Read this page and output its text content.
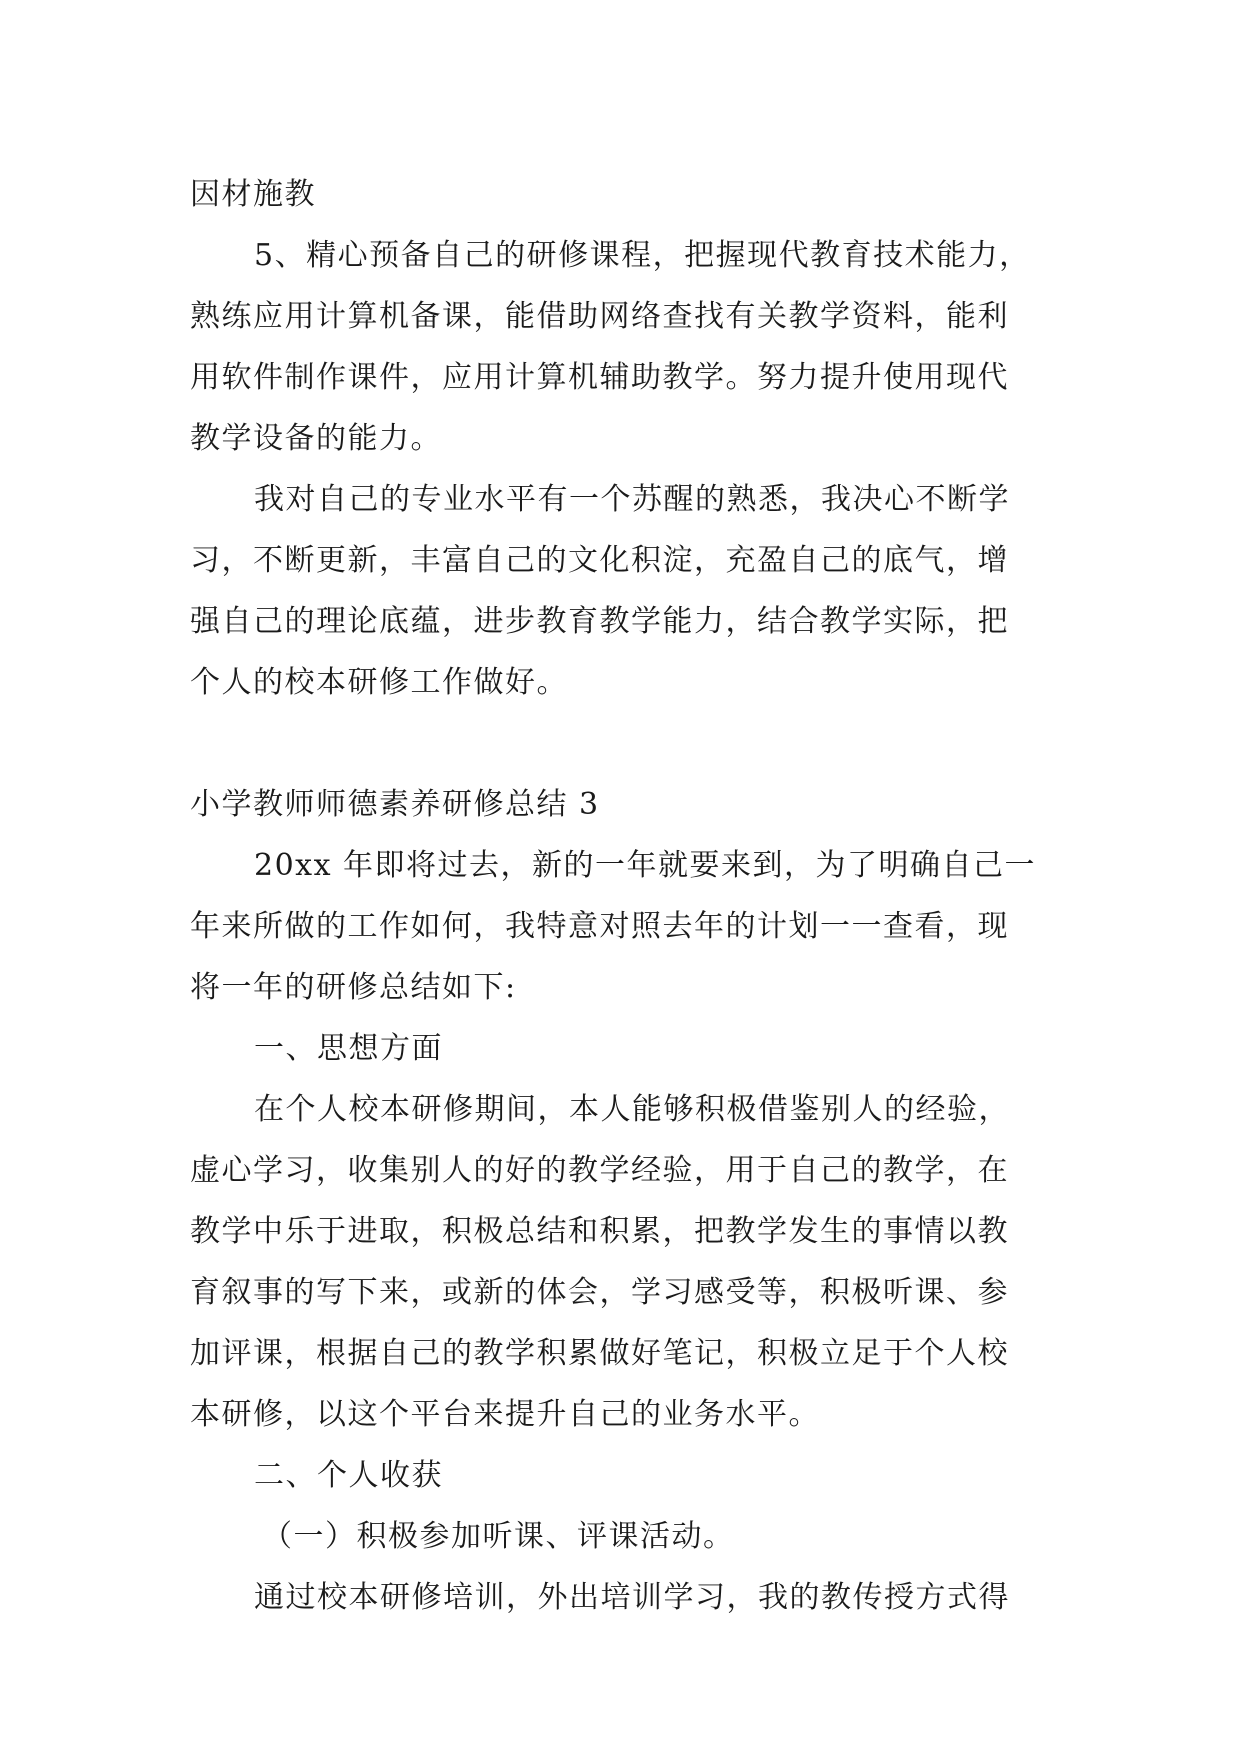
因材施教
5、精心预备自己的研修课程，把握现代教育技术能力，
熟练应用计算机备课，能借助网络查找有关教学资料，能利
用软件制作课件，应用计算机辅助教学。努力提升使用现代
教学设备的能力。
我对自己的专业水平有一个苏醒的熟悉，我决心不断学
习，不断更新，丰富自己的文化积淀，充盈自己的底气，增
强自己的理论底蕴，进步教育教学能力，结合教学实际，把
个人的校本研修工作做好。
小学教师师德素养研修总结 3
20xx 年即将过去，新的一年就要来到，为了明确自己一
年来所做的工作如何，我特意对照去年的计划一一查看，现
将一年的研修总结如下:
一、思想方面
在个人校本研修期间，本人能够积极借鉴别人的经验，
虚心学习，收集别人的好的教学经验，用于自己的教学，在
教学中乐于进取，积极总结和积累，把教学发生的事情以教
育叙事的写下来，或新的体会，学习感受等，积极听课、参
加评课，根据自己的教学积累做好笔记，积极立足于个人校
本研修，以这个平台来提升自己的业务水平。
二、个人收获
（一）积极参加听课、评课活动。
通过校本研修培训，外出培训学习，我的教传授方式得
